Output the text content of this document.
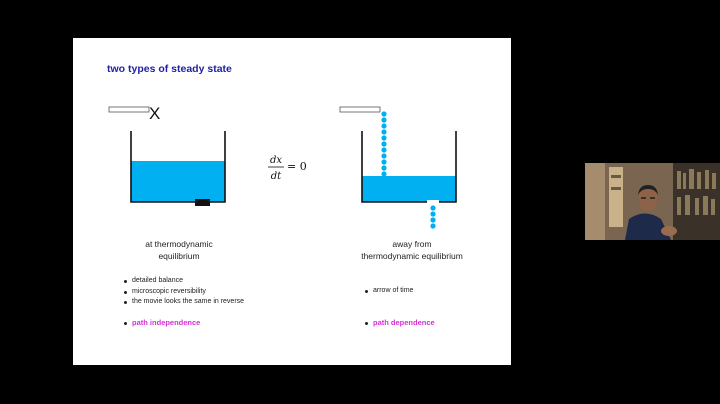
two types of steady state
X
dx
dt
= 0
at thermodynamic
equilibrium
away from
thermodynamic equilibrium
detailed balance
microscopic reversibility
the movie looks the same in reverse
arrow of time
path independence	path dependence
